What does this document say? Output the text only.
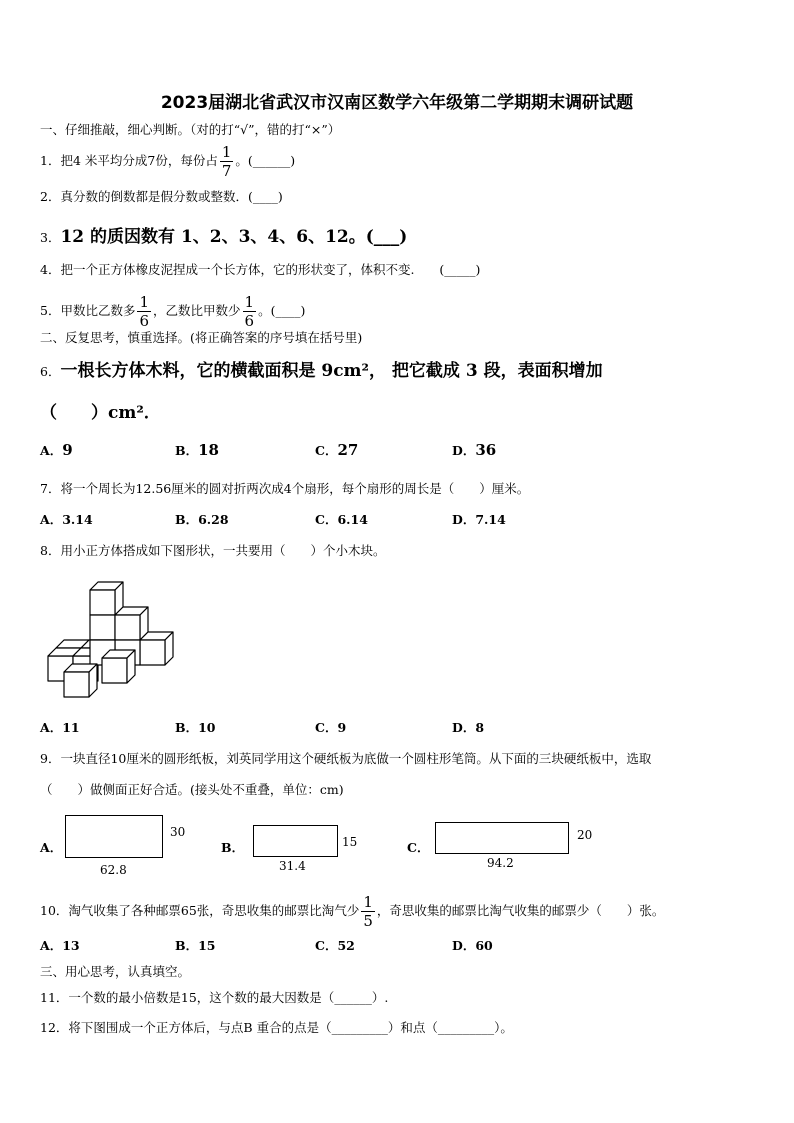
2023届湖北省武汉市汉南区数学六年级第二学期期末调研试题
一、仔细推敲，细心判断。（对的打“√”，错的打“×”）
1．把4 米平均分成7份，每份占 $\frac{1}{7}$ 。(______)
2．真分数的倒数都是假分数或整数．(____)
3．12 的质因数有 1、2、3、4、6、12。(___)
4．把一个正方体橡皮泥捏成一个长方体，它的形状变了，体积不变.　　(_____)
5．甲数比乙数多 $\frac{1}{6}$ ，乙数比甲数少 $\frac{1}{6}$ 。(____)
二、反复思考，慎重选择。(将正确答案的序号填在括号里)
6．一根长方体木料，它的横截面积是 9cm²， 把它截成 3 段，表面积增加
（　　）cm²．
A．9	B．18	C．27	D．36
7．将一个周长为12.56厘米的圆对折两次成4个扇形，每个扇形的周长是（　　）厘米。
A．3.14	B．6.28	C．6.14	D．7.14
8．用小正方体搭成如下图形状，一共要用（　　）个小木块。
A．11	B．10	C．9	D．8
9．一块直径10厘米的圆形纸板，刘英同学用这个硬纸板为底做一个圆柱形笔筒。从下面的三块硬纸板中，选取
（　　）做侧面正好合适。(接头处不重叠，单位：cm)
A．
30
62.8
B．	15
31.4
C．
20
94.2
10．淘气收集了各种邮票65张，奇思收集的邮票比淘气少 $\frac{1}{5}$ ，奇思收集的邮票比淘气收集的邮票少（　　）张。
A．13	B．15	C．52	D．60
三、用心思考，认真填空。
11．一个数的最小倍数是15，这个数的最大因数是（______）.
12．将下图围成一个正方体后，与点B 重合的点是（_________）和点（_________）。
